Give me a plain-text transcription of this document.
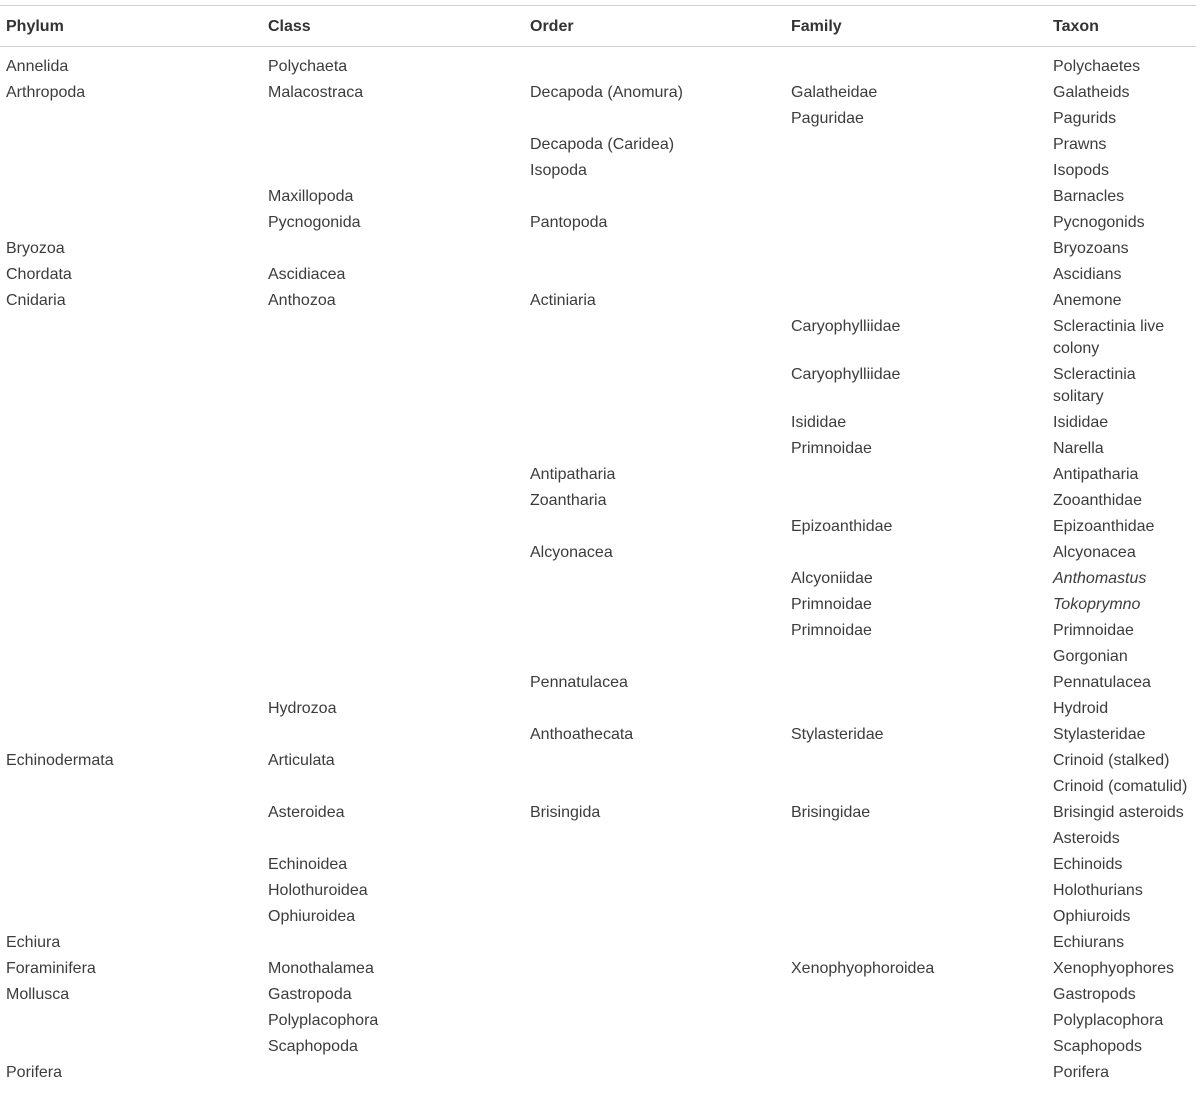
Phylum	Class	Order	Family	Taxon
Annelida	Polychaeta			Polychaetes
Arthropoda	Malacostraca	Decapoda (Anomura)	Galatheidae	Galatheids
			Paguridae	Pagurids
		Decapoda (Caridea)		Prawns
		Isopoda		Isopods
	Maxillopoda			Barnacles
	Pycnogonida	Pantopoda		Pycnogonids
Bryozoa				Bryozoans
Chordata	Ascidiacea			Ascidians
Cnidaria	Anthozoa	Actiniaria		Anemone
			Caryophylliidae	Scleractinia live colony
			Caryophylliidae	Scleractinia solitary
			Isididae	Isididae
			Primnoidae	Narella
		Antipatharia		Antipatharia
		Zoantharia		Zooanthidae
			Epizoanthidae	Epizoanthidae
		Alcyonacea		Alcyonacea
			Alcyoniidae	Anthomastus
			Primnoidae	Tokoprymno
			Primnoidae	Primnoidae
				Gorgonian
		Pennatulacea		Pennatulacea
	Hydrozoa			Hydroid
		Anthoathecata	Stylasteridae	Stylasteridae
Echinodermata	Articulata			Crinoid (stalked)
				Crinoid (comatulid)
	Asteroidea	Brisingida	Brisingidae	Brisingid asteroids
				Asteroids
	Echinoidea			Echinoids
	Holothuroidea			Holothurians
	Ophiuroidea			Ophiuroids
Echiura				Echiurans
Foraminifera	Monothalamea		Xenophyophoroidea	Xenophyophores
Mollusca	Gastropoda			Gastropods
	Polyplacophora			Polyplacophora
	Scaphopoda			Scaphopods
Porifera				Porifera
